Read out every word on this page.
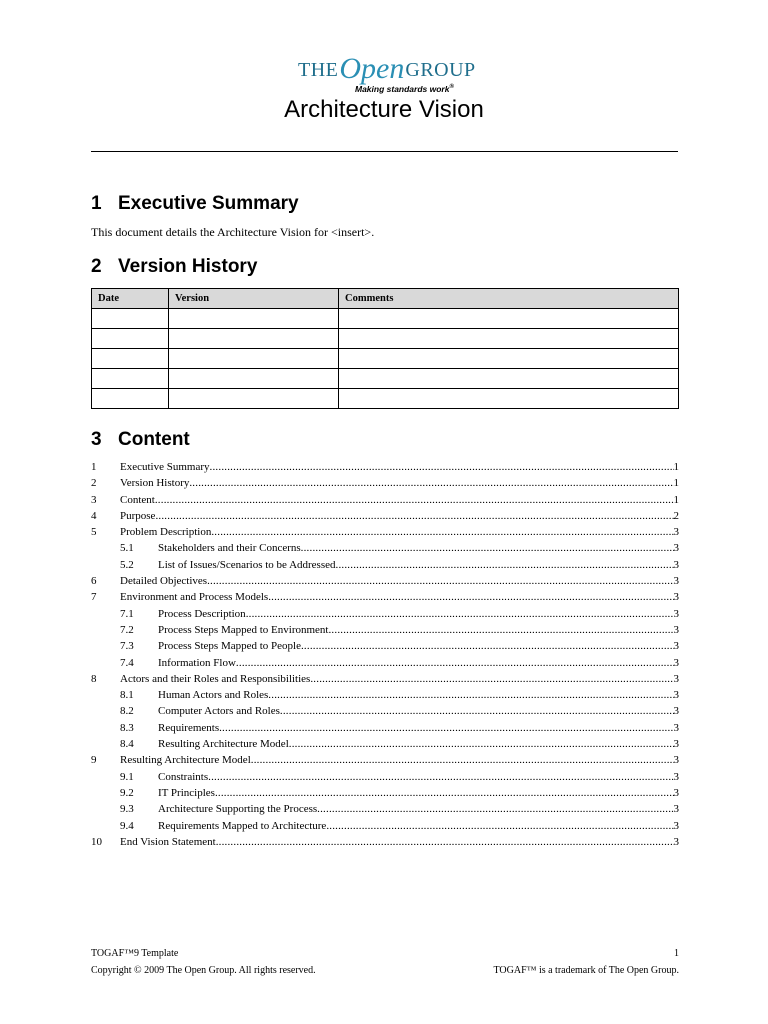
THEOpenGROUP
Making standards work®
Architecture Vision
1 Executive Summary

This document details the Architecture Vision for <insert>.

2 Version History
Date	Version	Comments

3 Content
1	Executive Summary .....	1
2	Version History .....	1
3	Content .....	1
4	Purpose .....	2
5	Problem Description .....	3
5.1	Stakeholders and their Concerns .....	3
5.2	List of Issues/Scenarios to be Addressed .....	3
6	Detailed Objectives .....	3
7	Environment and Process Models .....	3
7.1	Process Description .....	3
7.2	Process Steps Mapped to Environment .....	3
7.3	Process Steps Mapped to People .....	3
7.4	Information Flow .....	3
8	Actors and their Roles and Responsibilities .....	3
8.1	Human Actors and Roles .....	3
8.2	Computer Actors and Roles .....	3
8.3	Requirements .....	3
8.4	Resulting Architecture Model .....	3
9	Resulting Architecture Model .....	3
9.1	Constraints .....	3
9.2	IT Principles .....	3
9.3	Architecture Supporting the Process .....	3
9.4	Requirements Mapped to Architecture .....	3
10	End Vision Statement .....	3
TOGAF™9 Template	1
Copyright © 2009 The Open Group. All rights reserved.	TOGAF™ is a trademark of The Open Group.
